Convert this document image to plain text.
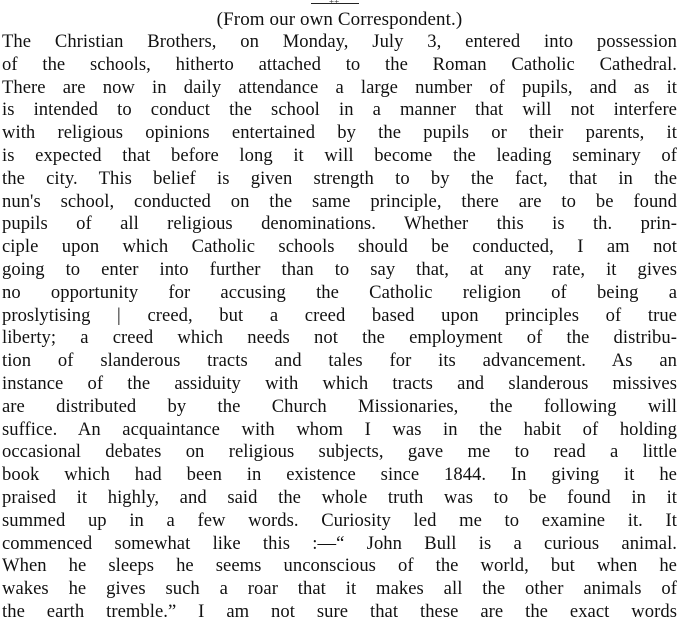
++
(From our own Correspondent.)
The Christian Brothers, on Monday, July 3, entered into possession
of the schools, hitherto attached to the Roman Catholic Cathedral.
There are now in daily attendance a large number of pupils, and as it
is intended to conduct the school in a manner that will not interfere
with religious opinions entertained by the pupils or their parents, it
is expected that before long it will become the leading seminary of
the city. This belief is given strength to by the fact, that in the
nun's school, conducted on the same principle, there are to be found
pupils of all religious denominations. Whether this is th. prin-
ciple upon which Catholic schools should be conducted, I am not
going to enter into further than to say that, at any rate, it gives
no opportunity for accusing the Catholic religion of being a
proslytising | creed, but a creed based upon principles of true
liberty; a creed which needs not the employment of the distribu-
tion of slanderous tracts and tales for its advancement. As an
instance of the assiduity with which tracts and slanderous missives
are distributed by the Church Missionaries, the following will
suffice. An acquaintance with whom I was in the habit of holding
occasional debates on religious subjects, gave me to read a little
book which had been in existence since 1844. In giving it he
praised it highly, and said the whole truth was to be found in it
summed up in a few words. Curiosity led me to examine it. It
commenced somewhat like this :—“ John Bull is a curious animal.
When he sleeps he seems unconscious of the world, but when he
wakes he gives such a roar that it makes all the other animals of
the earth tremble.” I am not sure that these are the exact words
